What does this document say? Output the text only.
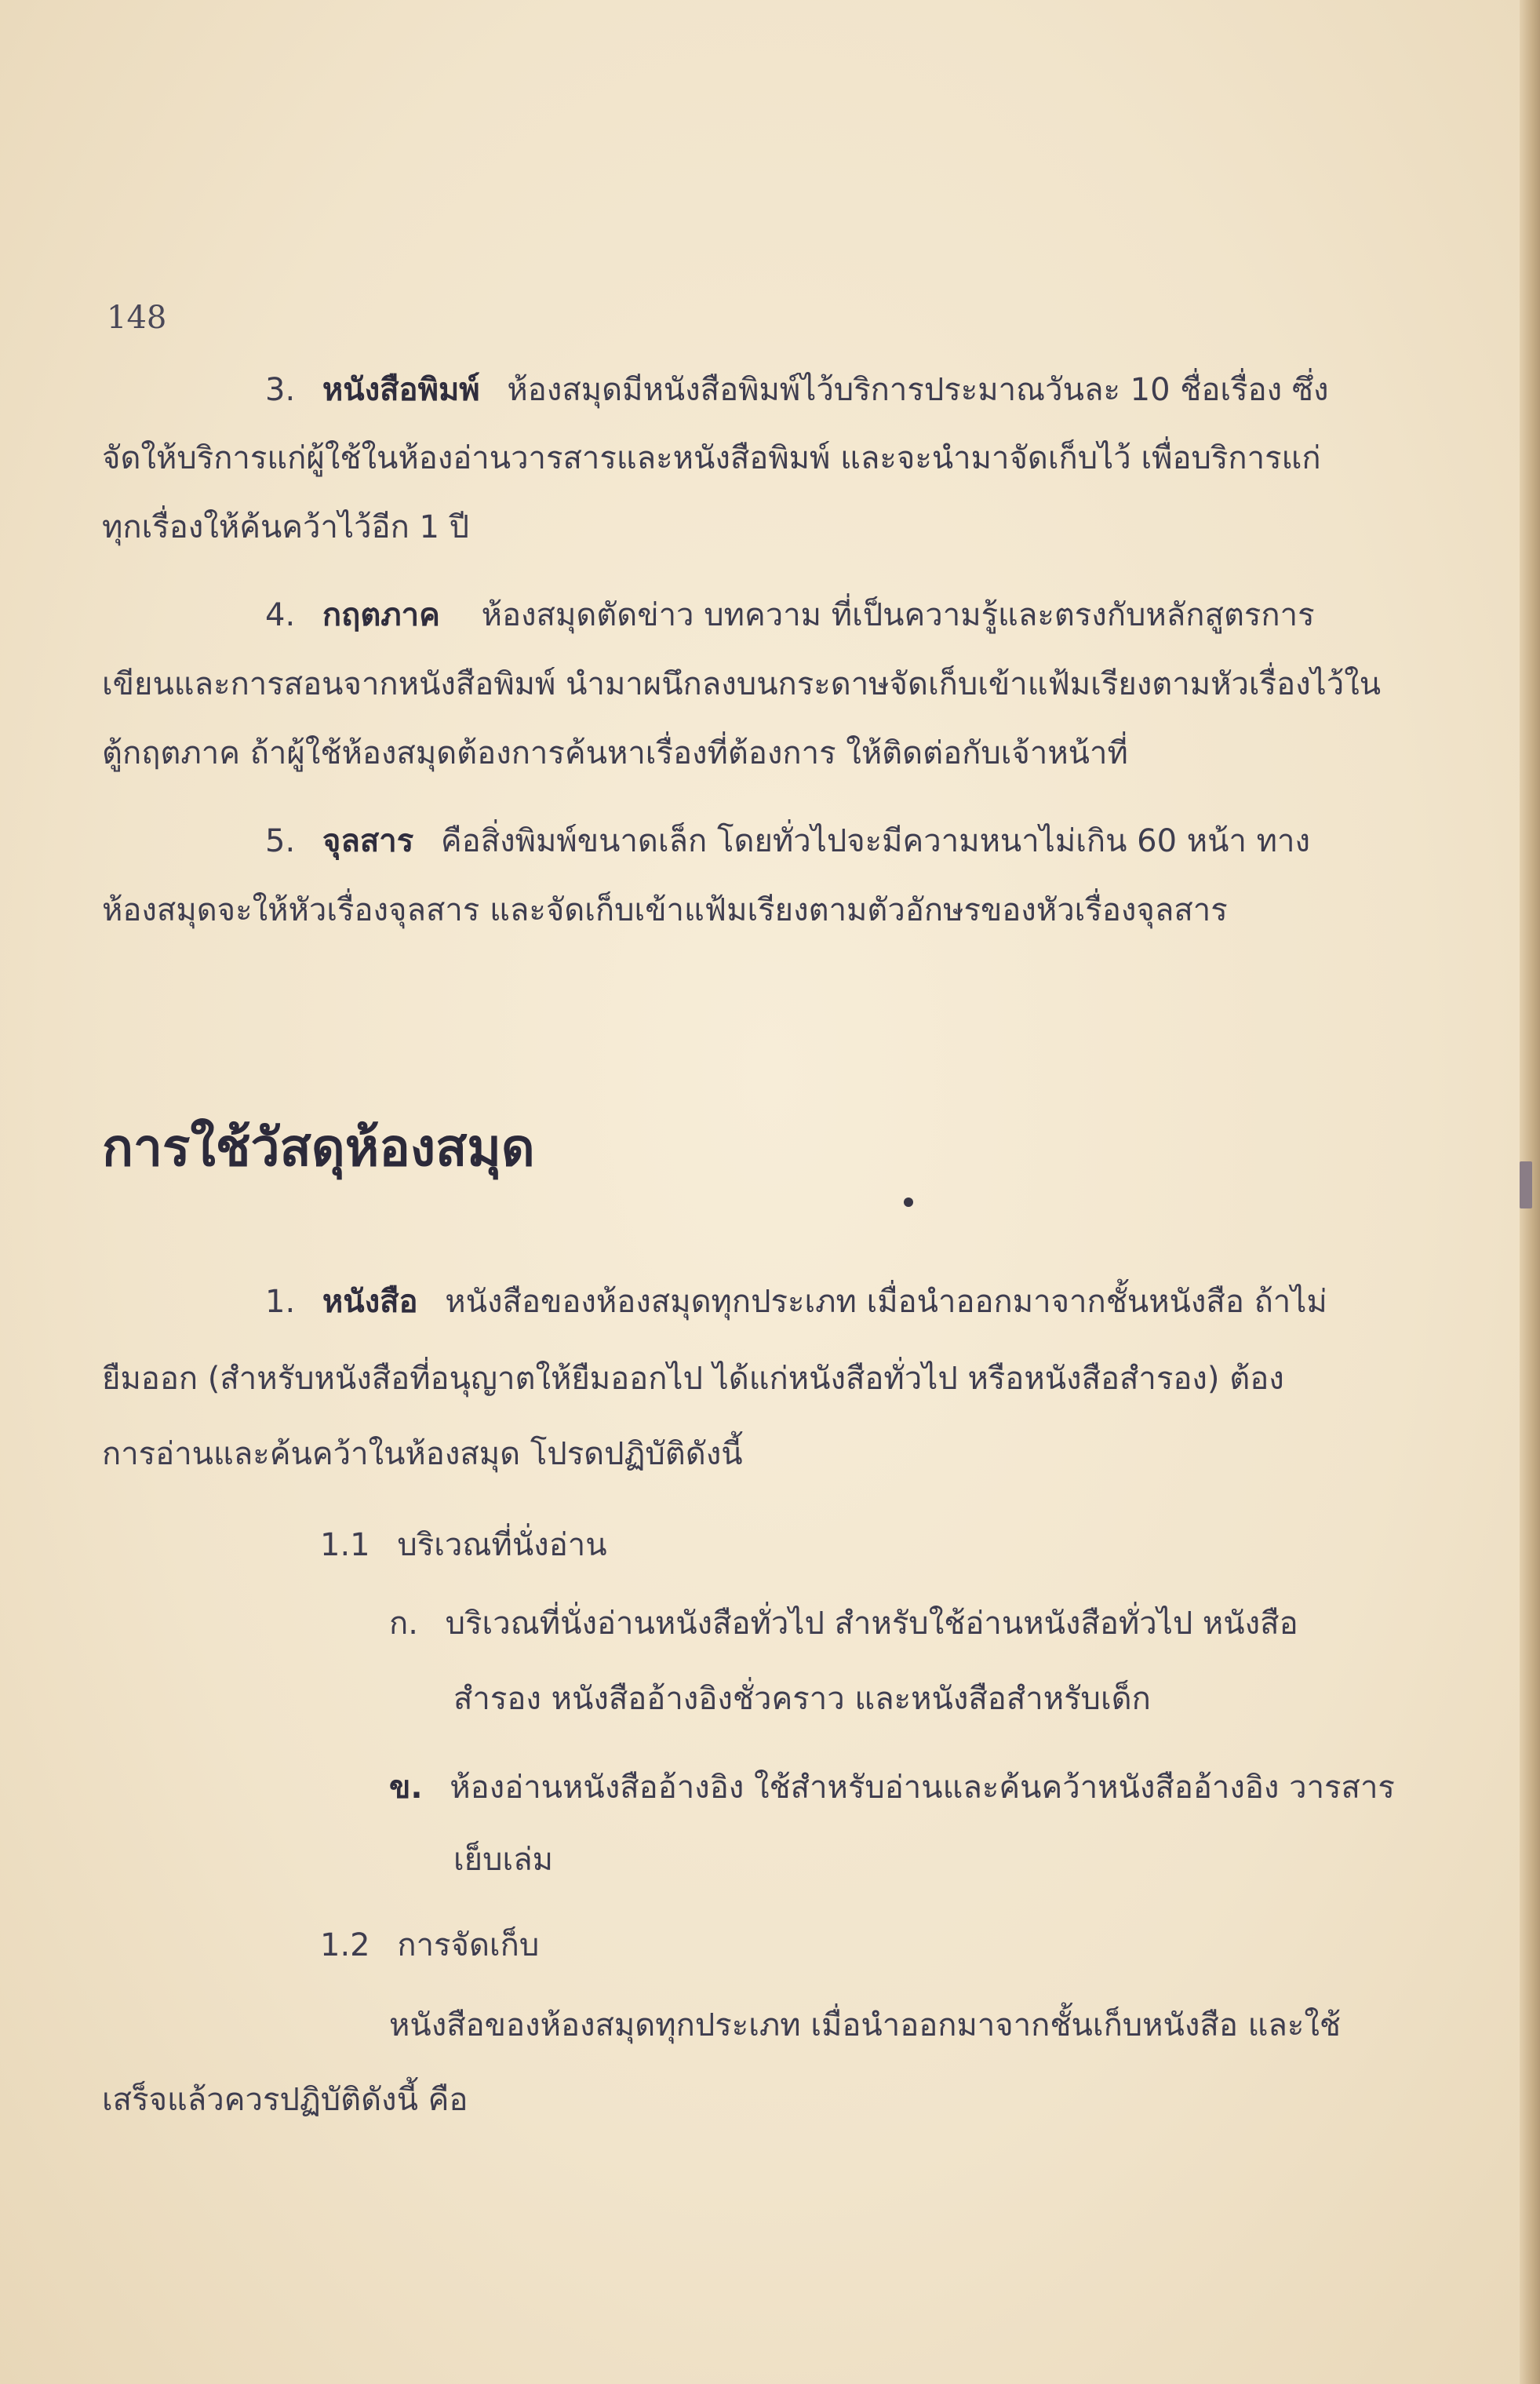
148

3. หนังสือพิมพ์ ห้องสมุดมีหนังสือพิมพ์ไว้บริการประมาณวันละ 10 ชื่อเรื่อง ซึ่ง

จัดให้บริการแก่ผู้ใช้ในห้องอ่านวารสารและหนังสือพิมพ์ และจะนำมาจัดเก็บไว้ เพื่อบริการแก่

ทุกเรื่องให้ค้นคว้าไว้อีก 1 ปี

4. กฤตภาค ห้องสมุดตัดข่าว บทความ ที่เป็นความรู้และตรงกับหลักสูตรการ

เขียนและการสอนจากหนังสือพิมพ์ นำมาผนึกลงบนกระดาษจัดเก็บเข้าแฟ้มเรียงตามหัวเรื่องไว้ใน

ตู้กฤตภาค ถ้าผู้ใช้ห้องสมุดต้องการค้นหาเรื่องที่ต้องการ ให้ติดต่อกับเจ้าหน้าที่

5. จุลสาร คือสิ่งพิมพ์ขนาดเล็ก โดยทั่วไปจะมีความหนาไม่เกิน 60 หน้า ทาง

ห้องสมุดจะให้หัวเรื่องจุลสาร และจัดเก็บเข้าแฟ้มเรียงตามตัวอักษรของหัวเรื่องจุลสาร

การใช้วัสดุห้องสมุด

1. หนังสือ หนังสือของห้องสมุดทุกประเภท เมื่อนำออกมาจากชั้นหนังสือ ถ้าไม่

ยืมออก (สำหรับหนังสือที่อนุญาตให้ยืมออกไป ได้แก่หนังสือทั่วไป หรือหนังสือสำรอง) ต้อง

การอ่านและค้นคว้าในห้องสมุด โปรดปฏิบัติดังนี้

1.1 บริเวณที่นั่งอ่าน

ก. บริเวณที่นั่งอ่านหนังสือทั่วไป สำหรับใช้อ่านหนังสือทั่วไป หนังสือ

สำรอง หนังสืออ้างอิงชั่วคราว และหนังสือสำหรับเด็ก

ข. ห้องอ่านหนังสืออ้างอิง ใช้สำหรับอ่านและค้นคว้าหนังสืออ้างอิง วารสาร

เย็บเล่ม

1.2 การจัดเก็บ

หนังสือของห้องสมุดทุกประเภท เมื่อนำออกมาจากชั้นเก็บหนังสือ และใช้

เสร็จแล้วควรปฏิบัติดังนี้ คือ
